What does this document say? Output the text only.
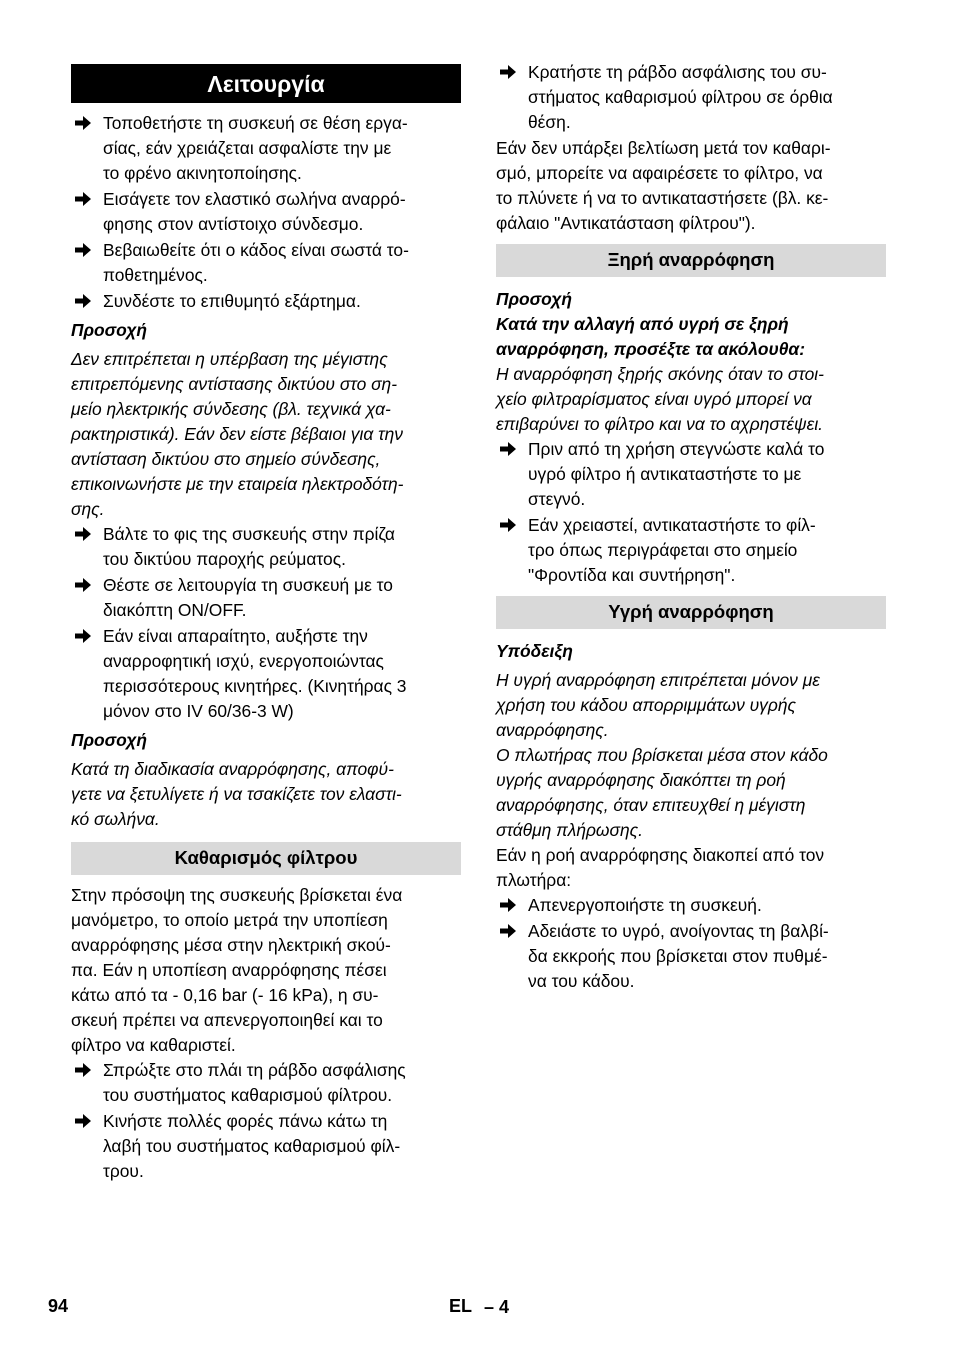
Λειτουργία
Τοποθετήστε τη συσκευή σε θέση εργα-
σίας, εάν χρειάζεται ασφαλίστε την με
το φρένο ακινητοποίησης.
Εισάγετε τον ελαστικό σωλήνα αναρρό-
φησης στον αντίστοιχο σύνδεσμο.
Βεβαιωθείτε ότι ο κάδος είναι σωστά το-
ποθετημένος.
Συνδέστε το επιθυμητό εξάρτημα.
Προσοχή
Δεν επιτρέπεται η υπέρβαση της μέγιστης
επιτρεπόμενης αντίστασης δικτύου στο ση-
μείο ηλεκτρικής σύνδεσης (βλ. τεχνικά χα-
ρακτηριστικά). Εάν δεν είστε βέβαιοι για την
αντίσταση δικτύου στο σημείο σύνδεσης,
επικοινωνήστε με την εταιρεία ηλεκτροδότη-
σης.
Βάλτε το φις της συσκευής στην πρίζα
του δικτύου παροχής ρεύματος.
Θέστε σε λειτουργία τη συσκευή με το
διακόπτη ON/OFF.
Εάν είναι απαραίτητο, αυξήστε την
αναρροφητική ισχύ, ενεργοποιώντας
περισσότερους κινητήρες. (Κινητήρας 3
μόνον στο IV 60/36-3 W)
Προσοχή
Κατά τη διαδικασία αναρρόφησης, αποφύ-
γετε να ξετυλίγετε ή να τσακίζετε τον ελαστι-
κό σωλήνα.
Καθαρισμός φίλτρου
Στην πρόσοψη της συσκευής βρίσκεται ένα
μανόμετρο, το οποίο μετρά την υποπίεση
αναρρόφησης μέσα στην ηλεκτρική σκού-
πα. Εάν η υποπίεση αναρρόφησης πέσει
κάτω από τα - 0,16 bar (- 16 kPa), η συ-
σκευή πρέπει να απενεργοποιηθεί και το
φίλτρο να καθαριστεί.
Σπρώξτε στο πλάι τη ράβδο ασφάλισης
του συστήματος καθαρισμού φίλτρου.
Κινήστε πολλές φορές πάνω κάτω τη
λαβή του συστήματος καθαρισμού φίλ-
τρου.
Κρατήστε τη ράβδο ασφάλισης του συ-
στήματος καθαρισμού φίλτρου σε όρθια
θέση.
Εάν δεν υπάρξει βελτίωση μετά τον καθαρι-
σμό, μπορείτε να αφαιρέσετε το φίλτρο, να
το πλύνετε ή να το αντικαταστήσετε (βλ. κε-
φάλαιο "Αντικατάσταση φίλτρου").
Ξηρή αναρρόφηση
Προσοχή
Κατά την αλλαγή από υγρή σε ξηρή
αναρρόφηση, προσέξτε τα ακόλουθα:
Η αναρρόφηση ξηρής σκόνης όταν το στοι-
χείο φιλτραρίσματος είναι υγρό μπορεί να
επιβαρύνει το φίλτρο και να το αχρηστέψει.
Πριν από τη χρήση στεγνώστε καλά το
υγρό φίλτρο ή αντικαταστήστε το με
στεγνό.
Εάν χρειαστεί, αντικαταστήστε το φίλ-
τρο όπως περιγράφεται στο σημείο
"Φροντίδα και συντήρηση".
Υγρή αναρρόφηση
Υπόδειξη
Η υγρή αναρρόφηση επιτρέπεται μόνον με
χρήση του κάδου απορριμμάτων υγρής
αναρρόφησης.
Ο πλωτήρας που βρίσκεται μέσα στον κάδο
υγρής αναρρόφησης διακόπτει τη ροή
αναρρόφησης, όταν επιτευχθεί η μέγιστη
στάθμη πλήρωσης.
Εάν η ροή αναρρόφησης διακοπεί από τον
πλωτήρα:
Απενεργοποιήστε τη συσκευή.
Αδειάστε το υγρό, ανοίγοντας τη βαλβί-
δα εκκροής που βρίσκεται στον πυθμέ-
να του κάδου.
94	EL – 4
